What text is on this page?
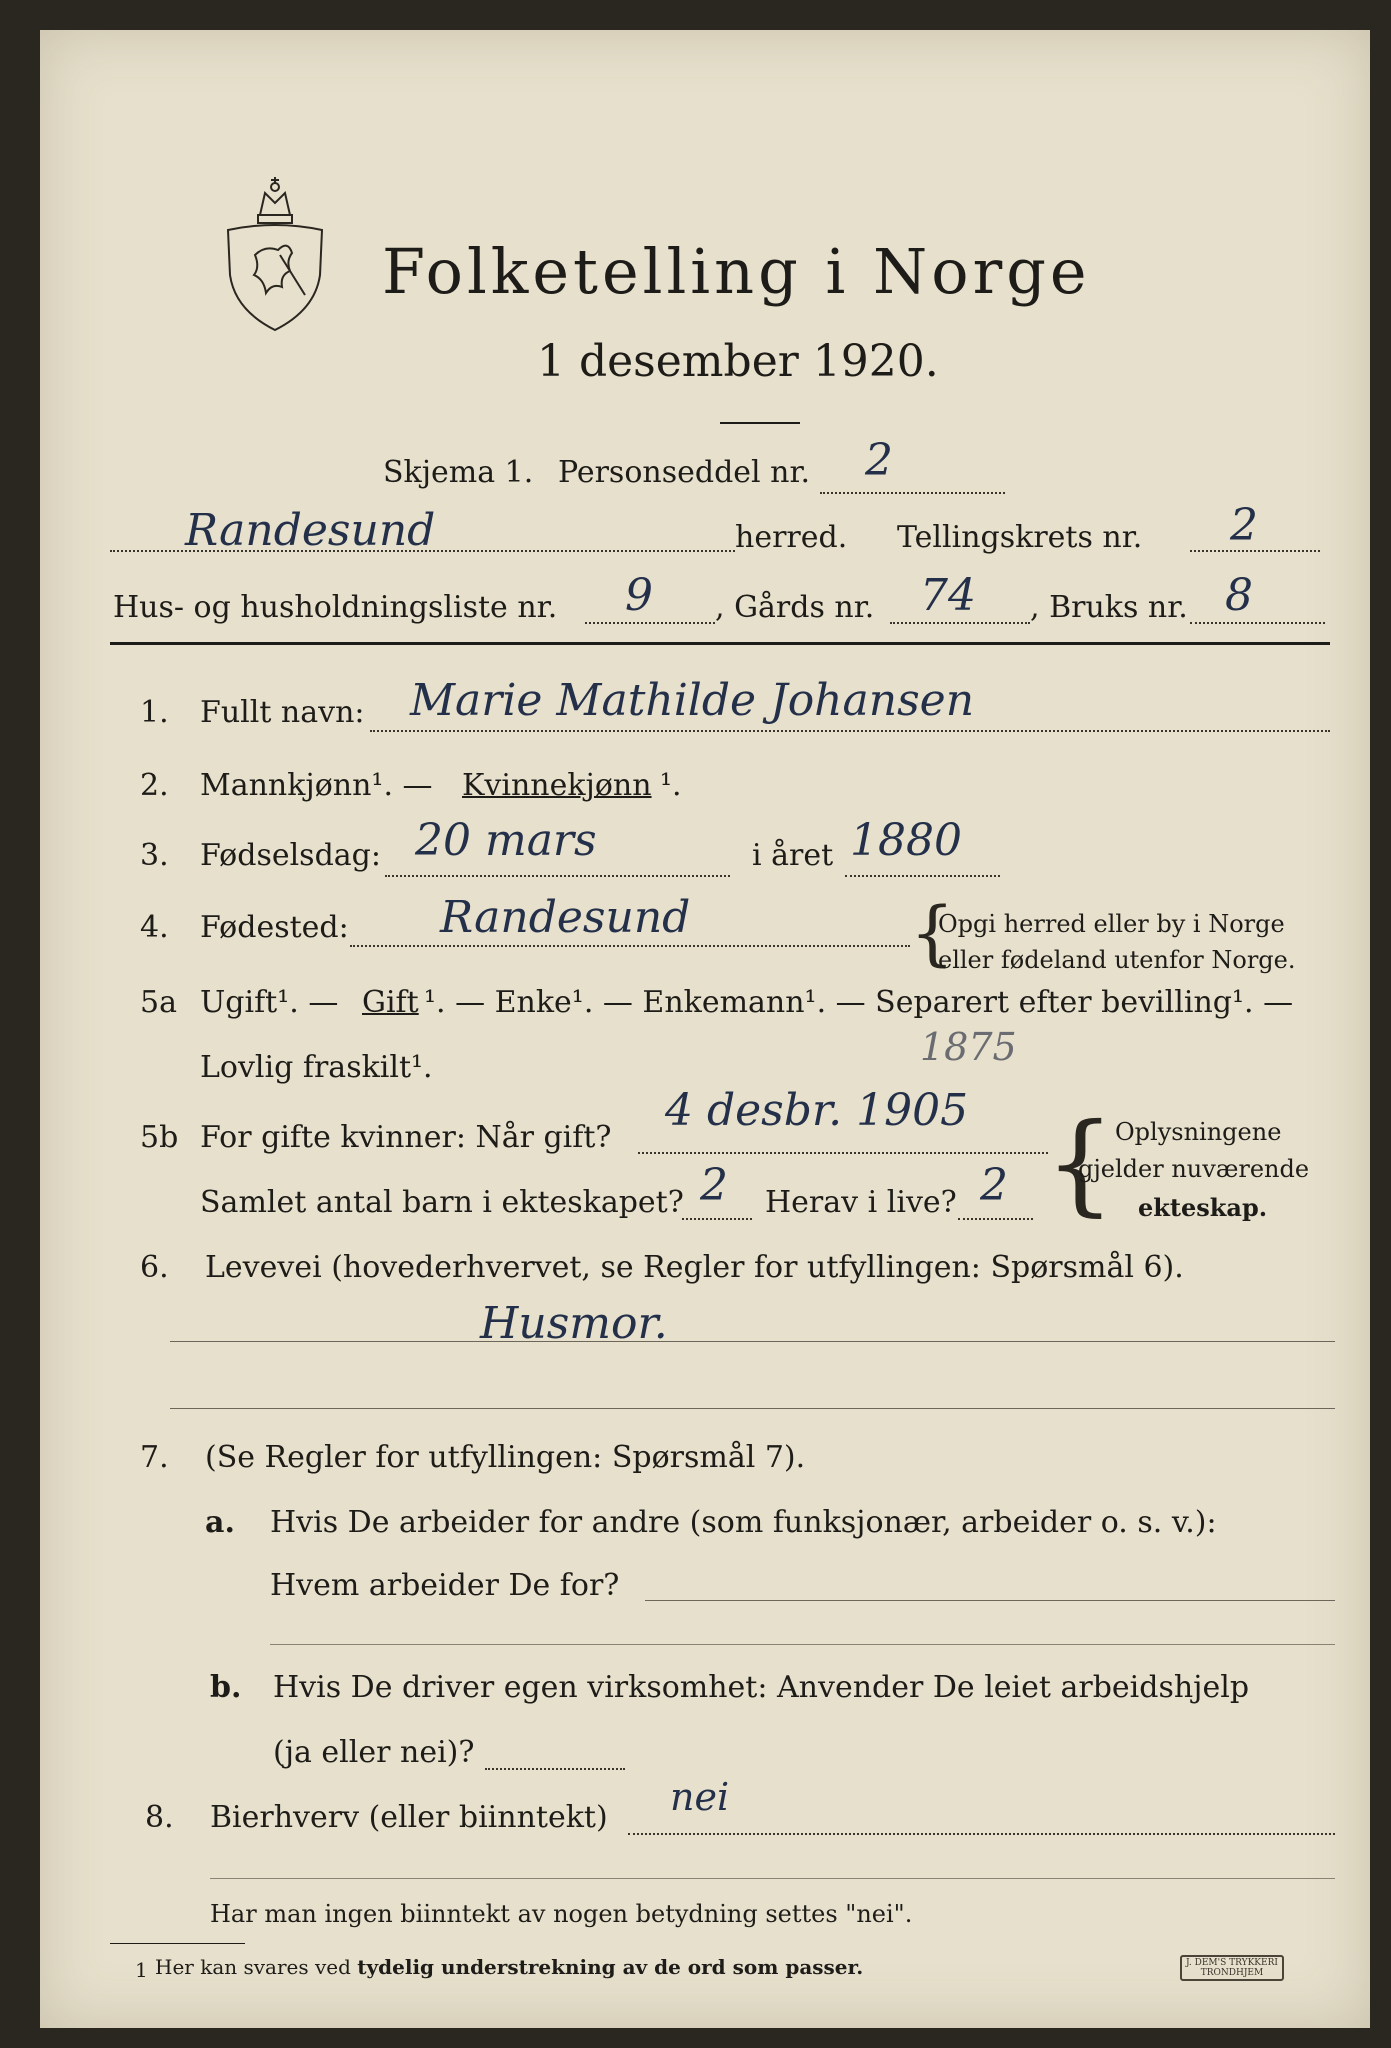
Folketelling i Norge
1 desember 1920.
Skjema 1. Personseddel nr. 2
Randesund	herred. Tellingskrets nr. 2
Hus- og husholdningsliste nr. 9 , Gårds nr. 74 , Bruks nr. 8
1. Fullt navn: Marie Mathilde Johansen
2. Mannkjønn¹. — Kvinnekjønn ¹.
3. Fødselsdag: 20 mars	i året 1880
4. Fødested: Randesund	{
Opgi herred eller by i Norge
eller fødeland utenfor Norge.
5a Ugift¹. — Gift ¹. — Enke¹. — Enkemann¹. — Separert efter bevilling¹. —
Lovlig fraskilt¹.	1875
5b For gifte kvinner: Når gift?
4 desbr. 1905
Samlet antal barn i ekteskapet? 2 Herav i live? 2 { Oplysningene
gjelder nuværende
ekteskap.
6. Levevei (hovederhvervet, se Regler for utfyllingen: Spørsmål 6).
Husmor.
7. (Se Regler for utfyllingen: Spørsmål 7).
a. Hvis De arbeider for andre (som funksjonær, arbeider o. s. v.):
Hvem arbeider De for?
b. Hvis De driver egen virksomhet: Anvender De leiet arbeidshjelp
(ja eller nei)?
8. Bierhverv (eller biinntekt) nei
Har man ingen biinntekt av nogen betydning settes "nei".
1 Her kan svares ved tydelig understrekning av de ord som passer.	J. DEM'S TRYKKERI
TRONDHJEM
